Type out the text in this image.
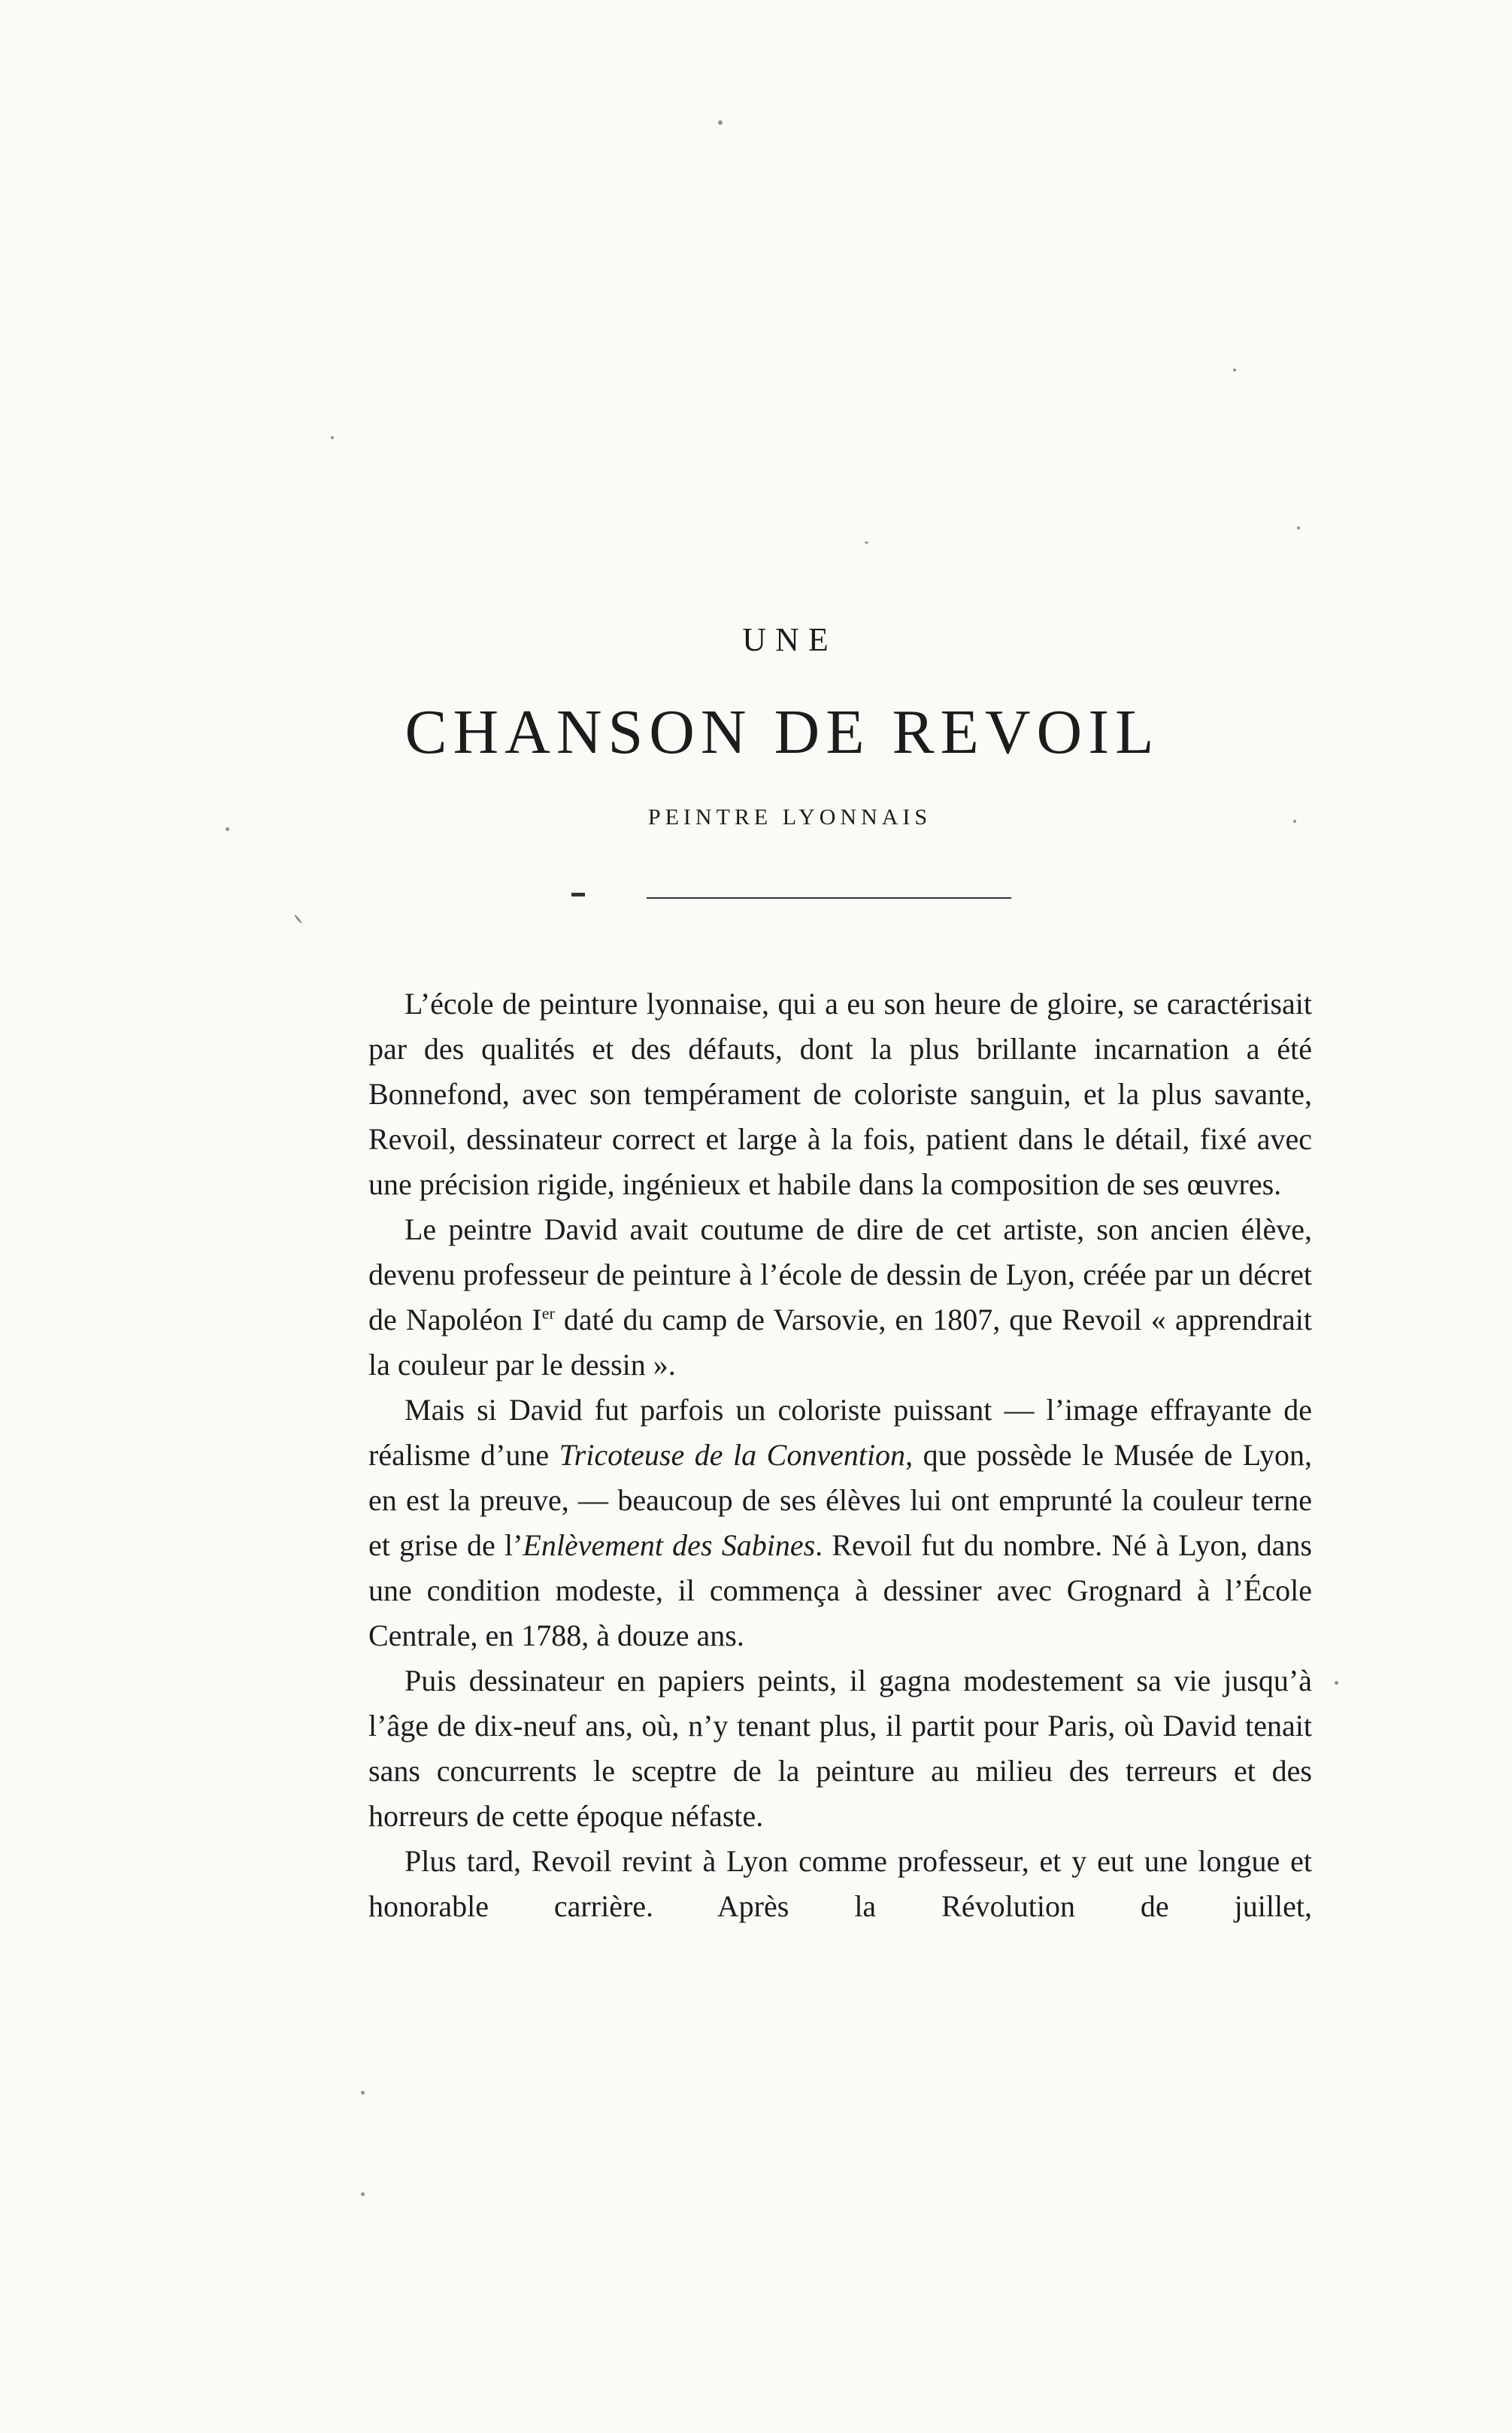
UNE
CHANSON DE REVOIL
PEINTRE LYONNAIS

L’école de peinture lyonnaise, qui a eu son heure de gloire, se caractérisait par des qualités et des défauts, dont la plus brillante incarnation a été Bonnefond, avec son tempérament de coloriste sanguin, et la plus savante, Revoil, dessinateur correct et large à la fois, patient dans le détail, fixé avec une précision rigide, ingénieux et habile dans la composition de ses œuvres.

Le peintre David avait coutume de dire de cet artiste, son ancien élève, devenu professeur de peinture à l’école de dessin de Lyon, créée par un décret de Napoléon Ier daté du camp de Varsovie, en 1807, que Revoil « apprendrait la couleur par le dessin ».

Mais si David fut parfois un coloriste puissant — l’image effrayante de réalisme d’une Tricoteuse de la Convention, que possède le Musée de Lyon, en est la preuve, — beaucoup de ses élèves lui ont emprunté la couleur terne et grise de l’Enlèvement des Sabines. Revoil fut du nombre. Né à Lyon, dans une condition modeste, il commença à dessiner avec Grognard à l’École Centrale, en 1788, à douze ans.

Puis dessinateur en papiers peints, il gagna modestement sa vie jusqu’à l’âge de dix-neuf ans, où, n’y tenant plus, il partit pour Paris, où David tenait sans concurrents le sceptre de la peinture au milieu des terreurs et des horreurs de cette époque néfaste.

Plus tard, Revoil revint à Lyon comme professeur, et y eut une longue et honorable carrière. Après la Révolution de juillet,
